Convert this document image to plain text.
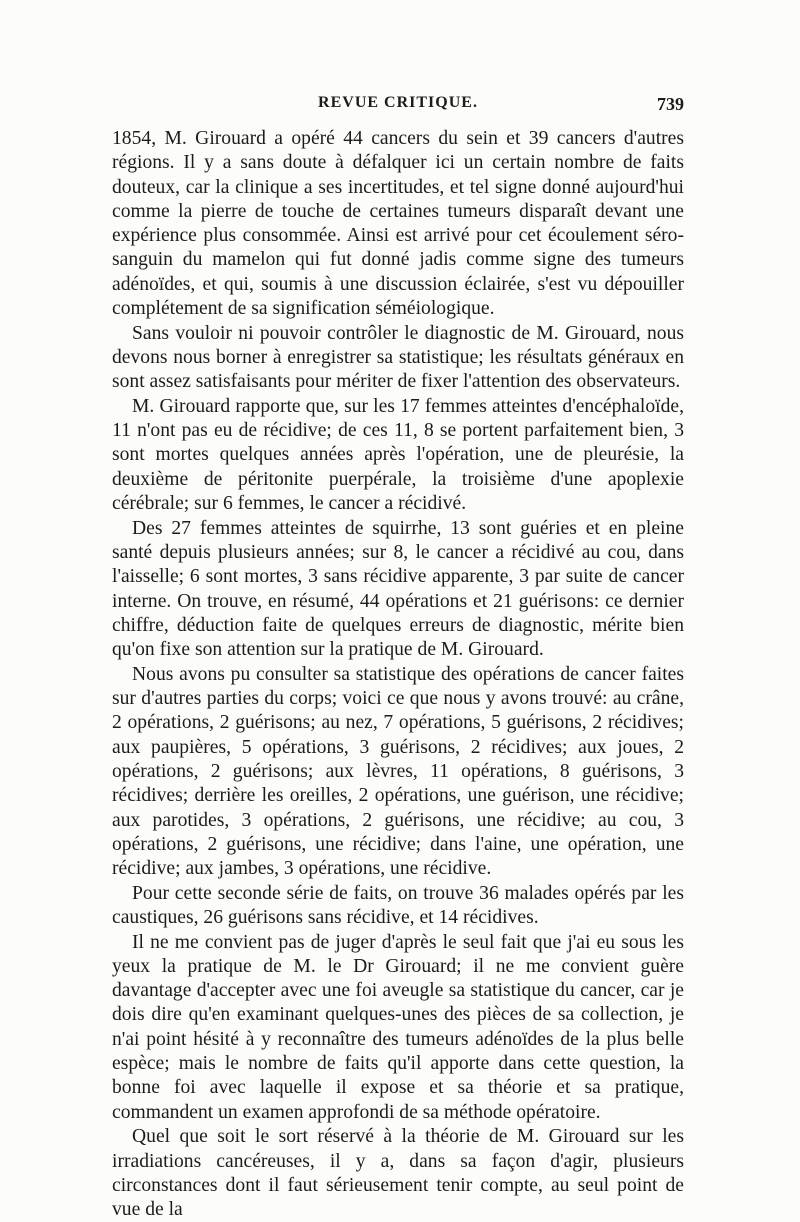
REVUE CRITIQUE.	739

1854, M. Girouard a opéré 44 cancers du sein et 39 cancers d'autres régions. Il y a sans doute à défalquer ici un certain nombre de faits douteux, car la clinique a ses incertitudes, et tel signe donné aujourd'hui comme la pierre de touche de certaines tumeurs disparaît devant une expérience plus consommée. Ainsi est arrivé pour cet écoulement séro-sanguin du mamelon qui fut donné jadis comme signe des tumeurs adénoïdes, et qui, soumis à une discussion éclairée, s'est vu dépouiller complétement de sa signification séméiologique.

Sans vouloir ni pouvoir contrôler le diagnostic de M. Girouard, nous devons nous borner à enregistrer sa statistique; les résultats généraux en sont assez satisfaisants pour mériter de fixer l'attention des observateurs.

M. Girouard rapporte que, sur les 17 femmes atteintes d'encéphaloïde, 11 n'ont pas eu de récidive; de ces 11, 8 se portent parfaitement bien, 3 sont mortes quelques années après l'opération, une de pleurésie, la deuxième de péritonite puerpérale, la troisième d'une apoplexie cérébrale; sur 6 femmes, le cancer a récidivé.

Des 27 femmes atteintes de squirrhe, 13 sont guéries et en pleine santé depuis plusieurs années; sur 8, le cancer a récidivé au cou, dans l'aisselle; 6 sont mortes, 3 sans récidive apparente, 3 par suite de cancer interne. On trouve, en résumé, 44 opérations et 21 guérisons: ce dernier chiffre, déduction faite de quelques erreurs de diagnostic, mérite bien qu'on fixe son attention sur la pratique de M. Girouard.

Nous avons pu consulter sa statistique des opérations de cancer faites sur d'autres parties du corps; voici ce que nous y avons trouvé: au crâne, 2 opérations, 2 guérisons; au nez, 7 opérations, 5 guérisons, 2 récidives; aux paupières, 5 opérations, 3 guérisons, 2 récidives; aux joues, 2 opérations, 2 guérisons; aux lèvres, 11 opérations, 8 guérisons, 3 récidives; derrière les oreilles, 2 opérations, une guérison, une récidive; aux parotides, 3 opérations, 2 guérisons, une récidive; au cou, 3 opérations, 2 guérisons, une récidive; dans l'aine, une opération, une récidive; aux jambes, 3 opérations, une récidive.

Pour cette seconde série de faits, on trouve 36 malades opérés par les caustiques, 26 guérisons sans récidive, et 14 récidives.

Il ne me convient pas de juger d'après le seul fait que j'ai eu sous les yeux la pratique de M. le Dr Girouard; il ne me convient guère davantage d'accepter avec une foi aveugle sa statistique du cancer, car je dois dire qu'en examinant quelques-unes des pièces de sa collection, je n'ai point hésité à y reconnaître des tumeurs adénoïdes de la plus belle espèce; mais le nombre de faits qu'il apporte dans cette question, la bonne foi avec laquelle il expose et sa théorie et sa pratique, commandent un examen approfondi de sa méthode opératoire.

Quel que soit le sort réservé à la théorie de M. Girouard sur les irradiations cancéreuses, il y a, dans sa façon d'agir, plusieurs circonstances dont il faut sérieusement tenir compte, au seul point de vue de la
